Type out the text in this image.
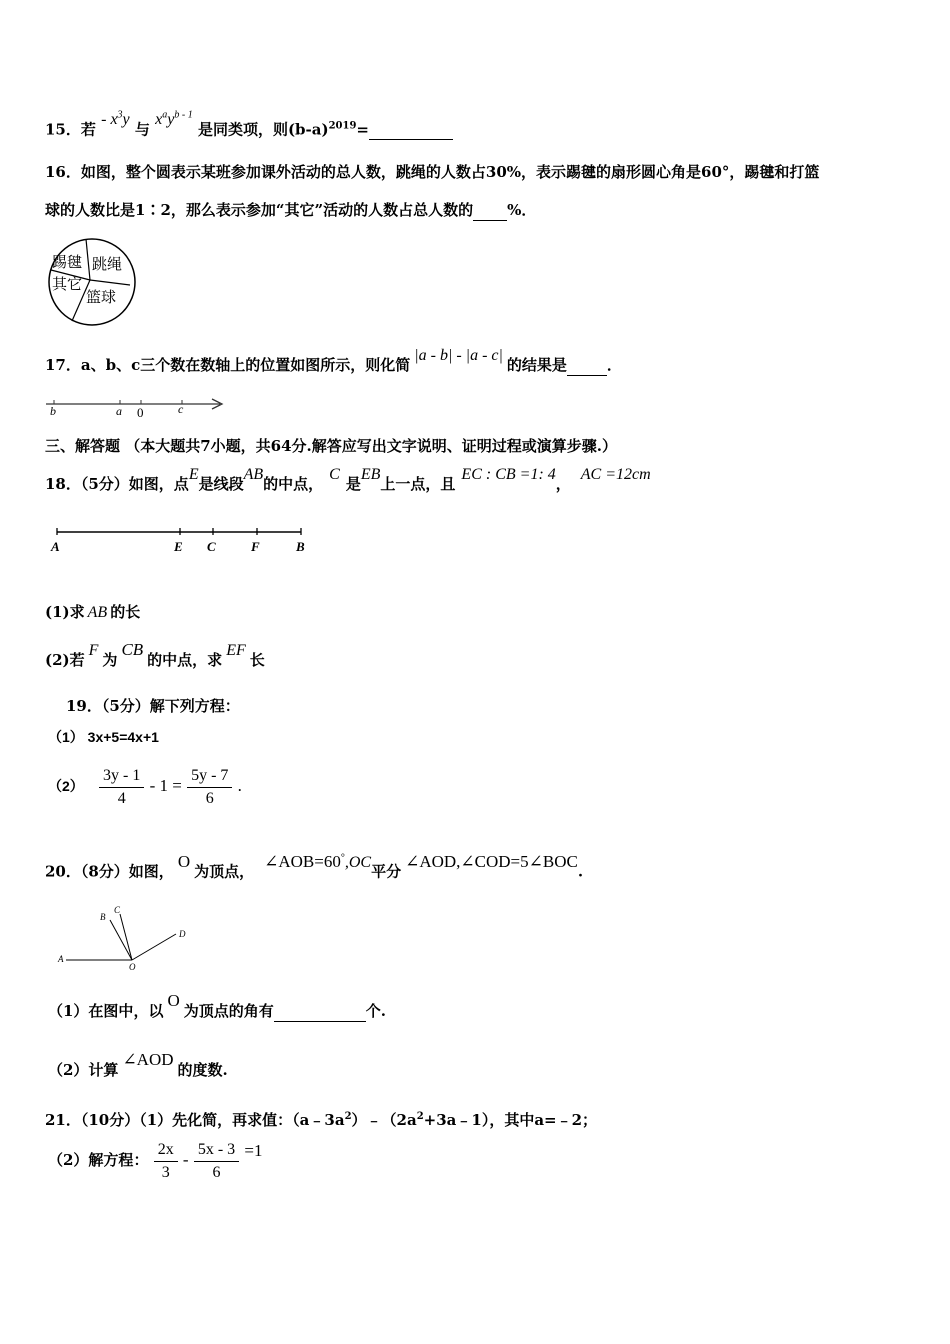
15．若 - $x^3y$ 与 $x^ay^{b - 1}$ 是同类项，则$(b-a)^{2019}=$
16．如图，整个圆表示某班参加课外活动的总人数，跳绳的人数占30%，表示踢毽的扇形圆心角是60°，踢毽和打篮
球的人数比是1∶2，那么表示参加“其它”活动的人数占总人数的 %．
踢毽 跳绳
其它
篮球
17．a、b、c三个数在数轴上的位置如图所示，则化简|a - b| - |a - c|的结果是	．
b	a 0	c
三、解答题 （本大题共7小题，共64分.解答应写出文字说明、证明过程或演算步骤.）
18．（5分）如图，点E是线段AB的中点，C是EB上一点，且EC : CB =1: 4，AC =12cm
A	E C	F	B
(1)求 AB 的长
(2)若F为CB的中点，求EF长
19．（5分）解下列方程：
（1） 3x+5=4x+1
$(2) \frac{3y - 1}{4} - 1 = \frac{5y - 7}{6}$ .
20．（8分）如图，O为顶点，∠AOB=60°,OC平分∠AOD,∠COD=5∠BOC.
A
B
C
D
O
（1）在图中，以O为顶点的角有	个.
（2）计算∠AOD的度数.
21．（10分）（1）先化简，再求值：$(a﹣3a^2)﹣(2a^2+3a﹣1)$，其中a=﹣2；
（2）解方程： $\frac{2x}{3} - \frac{5x - 3}{6} =1$
